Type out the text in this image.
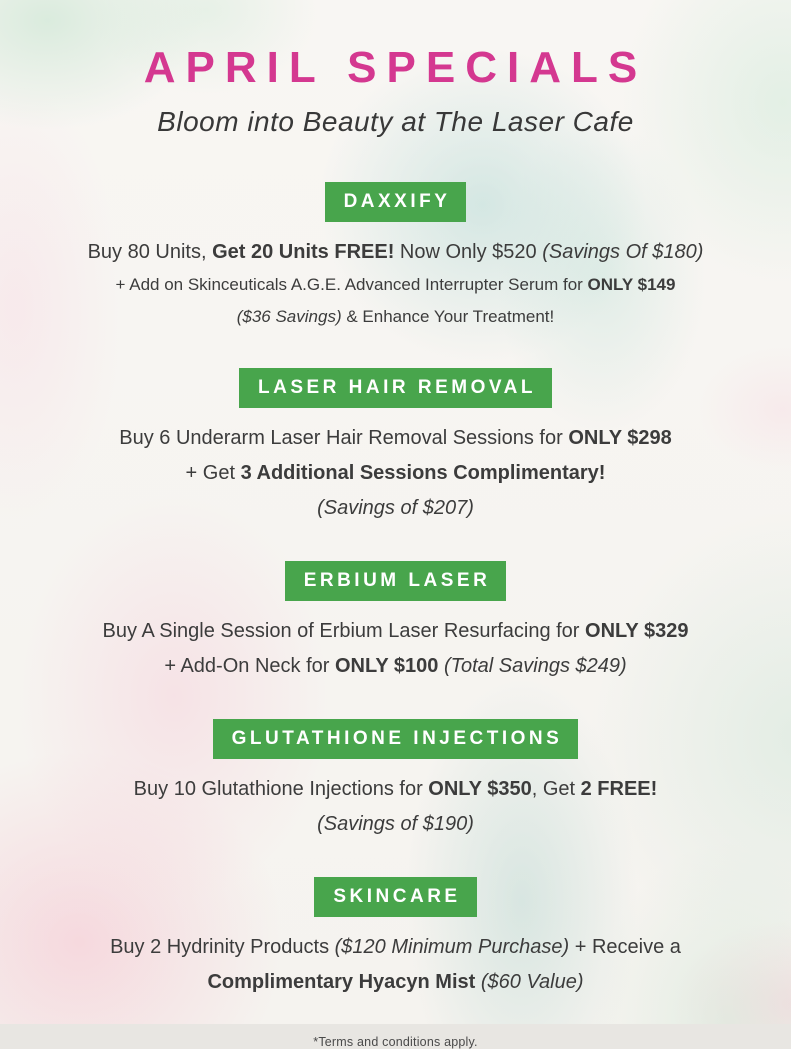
APRIL SPECIALS
Bloom into Beauty at The Laser Cafe
DAXXIFY

Buy 80 Units, Get 20 Units FREE! Now Only $520 (Savings Of $180)

+ Add on Skinceuticals A.G.E. Advanced Interrupter Serum for ONLY $149

($36 Savings) & Enhance Your Treatment!

LASER HAIR REMOVAL

Buy 6 Underarm Laser Hair Removal Sessions for ONLY $298

+ Get 3 Additional Sessions Complimentary!

(Savings of $207)

ERBIUM LASER

Buy A Single Session of Erbium Laser Resurfacing for ONLY $329

+ Add-On Neck for ONLY $100 (Total Savings $249)

GLUTATHIONE INJECTIONS

Buy 10 Glutathione Injections for ONLY $350, Get 2 FREE!

(Savings of $190)

SKINCARE

Buy 2 Hydrinity Products ($120 Minimum Purchase) + Receive a

Complimentary Hyacyn Mist ($60 Value)

*Terms and conditions apply.
